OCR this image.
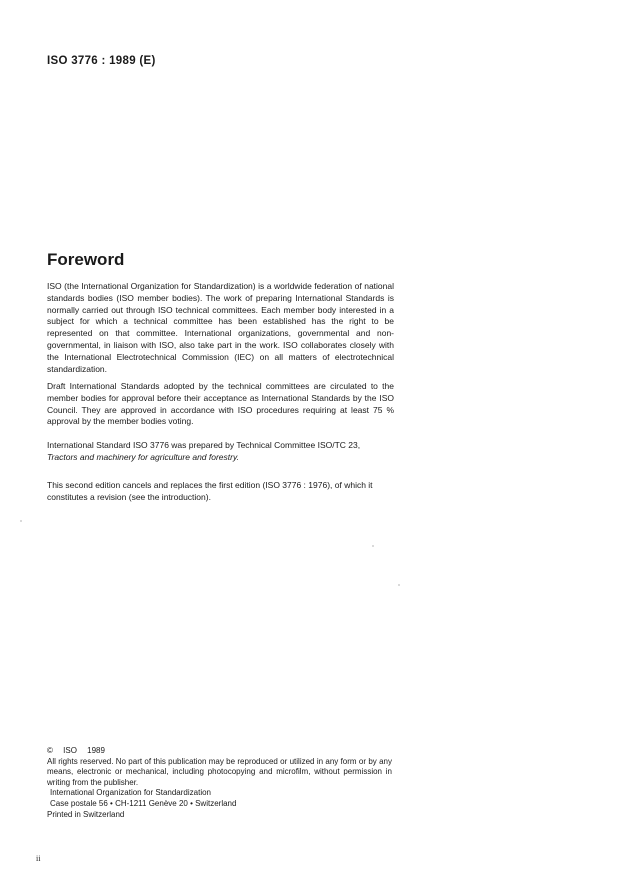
ISO 3776 : 1989 (E)
Foreword

ISO (the International Organization for Standardization) is a worldwide federation of national standards bodies (ISO member bodies). The work of preparing International Standards is normally carried out through ISO technical committees. Each member body interested in a subject for which a technical committee has been established has the right to be represented on that committee. International organizations, governmental and non-governmental, in liaison with ISO, also take part in the work. ISO collaborates closely with the International Electrotechnical Commission (IEC) on all matters of electrotechnical standardization.

Draft International Standards adopted by the technical committees are circulated to the member bodies for approval before their acceptance as International Standards by the ISO Council. They are approved in accordance with ISO procedures requiring at least 75 % approval by the member bodies voting.

International Standard ISO 3776 was prepared by Technical Committee ISO/TC 23,
Tractors and machinery for agriculture and forestry.

This second edition cancels and replaces the first edition (ISO 3776 : 1976), of which it
constitutes a revision (see the introduction).

© ISO 1989
All rights reserved. No part of this publication may be reproduced or utilized in any form or by any means, electronic or mechanical, including photocopying and microfilm, without permission in writing from the publisher.
International Organization for Standardization
Case postale 56 • CH-1211 Genève 20 • Switzerland
Printed in Switzerland
ii
